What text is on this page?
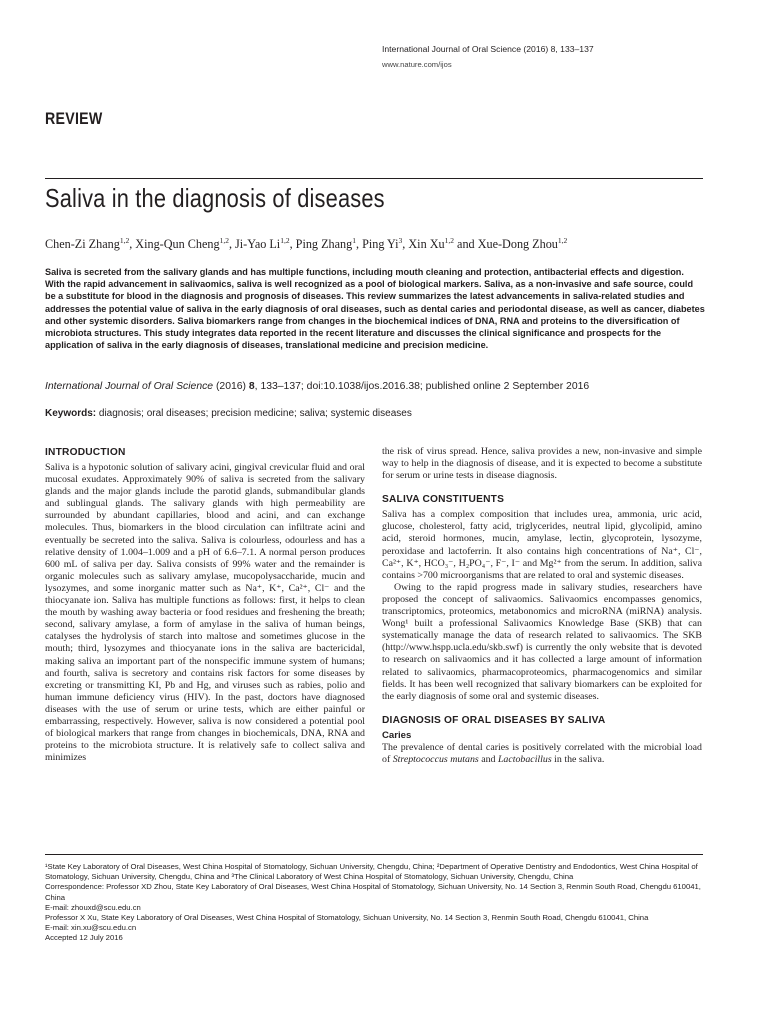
International Journal of Oral Science (2016) 8, 133–137
www.nature.com/ijos
REVIEW
Saliva in the diagnosis of diseases
Chen-Zi Zhang$^{1,2}$, Xing-Qun Cheng$^{1,2}$, Ji-Yao Li$^{1,2}$, Ping Zhang$^1$, Ping Yi$^3$, Xin Xu$^{1,2}$ and Xue-Dong Zhou$^{1,2}$
Saliva is secreted from the salivary glands and has multiple functions, including mouth cleaning and protection, antibacterial effects and digestion. With the rapid advancement in salivaomics, saliva is well recognized as a pool of biological markers. Saliva, as a non-invasive and safe source, could be a substitute for blood in the diagnosis and prognosis of diseases. This review summarizes the latest advancements in saliva-related studies and addresses the potential value of saliva in the early diagnosis of oral diseases, such as dental caries and periodontal disease, as well as cancer, diabetes and other systemic disorders. Saliva biomarkers range from changes in the biochemical indices of DNA, RNA and proteins to the diversification of microbiota structures. This study integrates data reported in the recent literature and discusses the clinical significance and prospects for the application of saliva in the early diagnosis of diseases, translational medicine and precision medicine.
International Journal of Oral Science (2016) 8, 133–137; doi:10.1038/ijos.2016.38; published online 2 September 2016
Keywords: diagnosis; oral diseases; precision medicine; saliva; systemic diseases
INTRODUCTION

Saliva is a hypotonic solution of salivary acini, gingival crevicular fluid and oral mucosal exudates. Approximately 90% of saliva is secreted from the salivary glands and the major glands include the parotid glands, submandibular glands and sublingual glands. The salivary glands with high permeability are surrounded by abundant capillaries, blood and acini, and can exchange molecules. Thus, biomarkers in the blood circulation can infiltrate acini and eventually be secreted into the saliva. Saliva is colourless, odourless and has a relative density of 1.004–1.009 and a pH of 6.6–7.1. A normal person produces 600 mL of saliva per day. Saliva consists of 99% water and the remainder is organic molecules such as salivary amylase, mucopolysaccharide, mucin and lysozymes, and some inorganic matter such as Na⁺, K⁺, Ca²⁺, Cl⁻ and the thiocyanate ion. Saliva has multiple functions as follows: first, it helps to clean the mouth by washing away bacteria or food residues and freshening the breath; second, salivary amylase, a form of amylase in the saliva of human beings, catalyses the hydrolysis of starch into maltose and sometimes glucose in the mouth; third, lysozymes and thiocyanate ions in the saliva are bactericidal, making saliva an important part of the nonspecific immune system of humans; and fourth, saliva is secretory and contains risk factors for some diseases by excreting or transmitting KI, Pb and Hg, and viruses such as rabies, polio and human immune deficiency virus (HIV). In the past, doctors have diagnosed diseases with the use of serum or urine tests, which are either painful or embarrassing, respectively. However, saliva is now considered a potential pool of biological markers that range from changes in biochemicals, DNA, RNA and proteins to the microbiota structure. It is relatively safe to collect saliva and minimizes

the risk of virus spread. Hence, saliva provides a new, non-invasive and simple way to help in the diagnosis of disease, and it is expected to become a substitute for serum or urine tests in disease diagnosis.

SALIVA CONSTITUENTS

Saliva has a complex composition that includes urea, ammonia, uric acid, glucose, cholesterol, fatty acid, triglycerides, neutral lipid, glycolipid, amino acid, steroid hormones, mucin, amylase, lectin, glycoprotein, lysozyme, peroxidase and lactoferrin. It also contains high concentrations of Na⁺, Cl⁻, Ca²⁺, K⁺, HCO₃⁻, H₂PO₄⁻, F⁻, I⁻ and Mg²⁺ from the serum. In addition, saliva contains >700 microorganisms that are related to oral and systemic diseases.

Owing to the rapid progress made in salivary studies, researchers have proposed the concept of salivaomics. Salivaomics encompasses genomics, transcriptomics, proteomics, metabonomics and microRNA (miRNA) analysis. Wong¹ built a professional Salivaomics Knowledge Base (SKB) that can systematically manage the data of research related to salivaomics. The SKB (http://www.hspp.ucla.edu/skb.swf) is currently the only website that is devoted to research on salivaomics and it has collected a large amount of information related to salivaomics, pharmacoproteomics, pharmacogenomics and similar fields. It has been well recognized that salivary biomarkers can be exploited for the early diagnosis of some oral and systemic diseases.

DIAGNOSIS OF ORAL DISEASES BY SALIVA
Caries

The prevalence of dental caries is positively correlated with the microbial load of Streptococcus mutans and Lactobacillus in the saliva.

¹State Key Laboratory of Oral Diseases, West China Hospital of Stomatology, Sichuan University, Chengdu, China; ²Department of Operative Dentistry and Endodontics, West China Hospital of Stomatology, Sichuan University, Chengdu, China and ³The Clinical Laboratory of West China Hospital of Stomatology, Sichuan University, Chengdu, China

Correspondence: Professor XD Zhou, State Key Laboratory of Oral Diseases, West China Hospital of Stomatology, Sichuan University, No. 14 Section 3, Renmin South Road, Chengdu 610041, China

E-mail: zhouxd@scu.edu.cn

Professor X Xu, State Key Laboratory of Oral Diseases, West China Hospital of Stomatology, Sichuan University, No. 14 Section 3, Renmin South Road, Chengdu 610041, China

E-mail: xin.xu@scu.edu.cn

Accepted 12 July 2016
